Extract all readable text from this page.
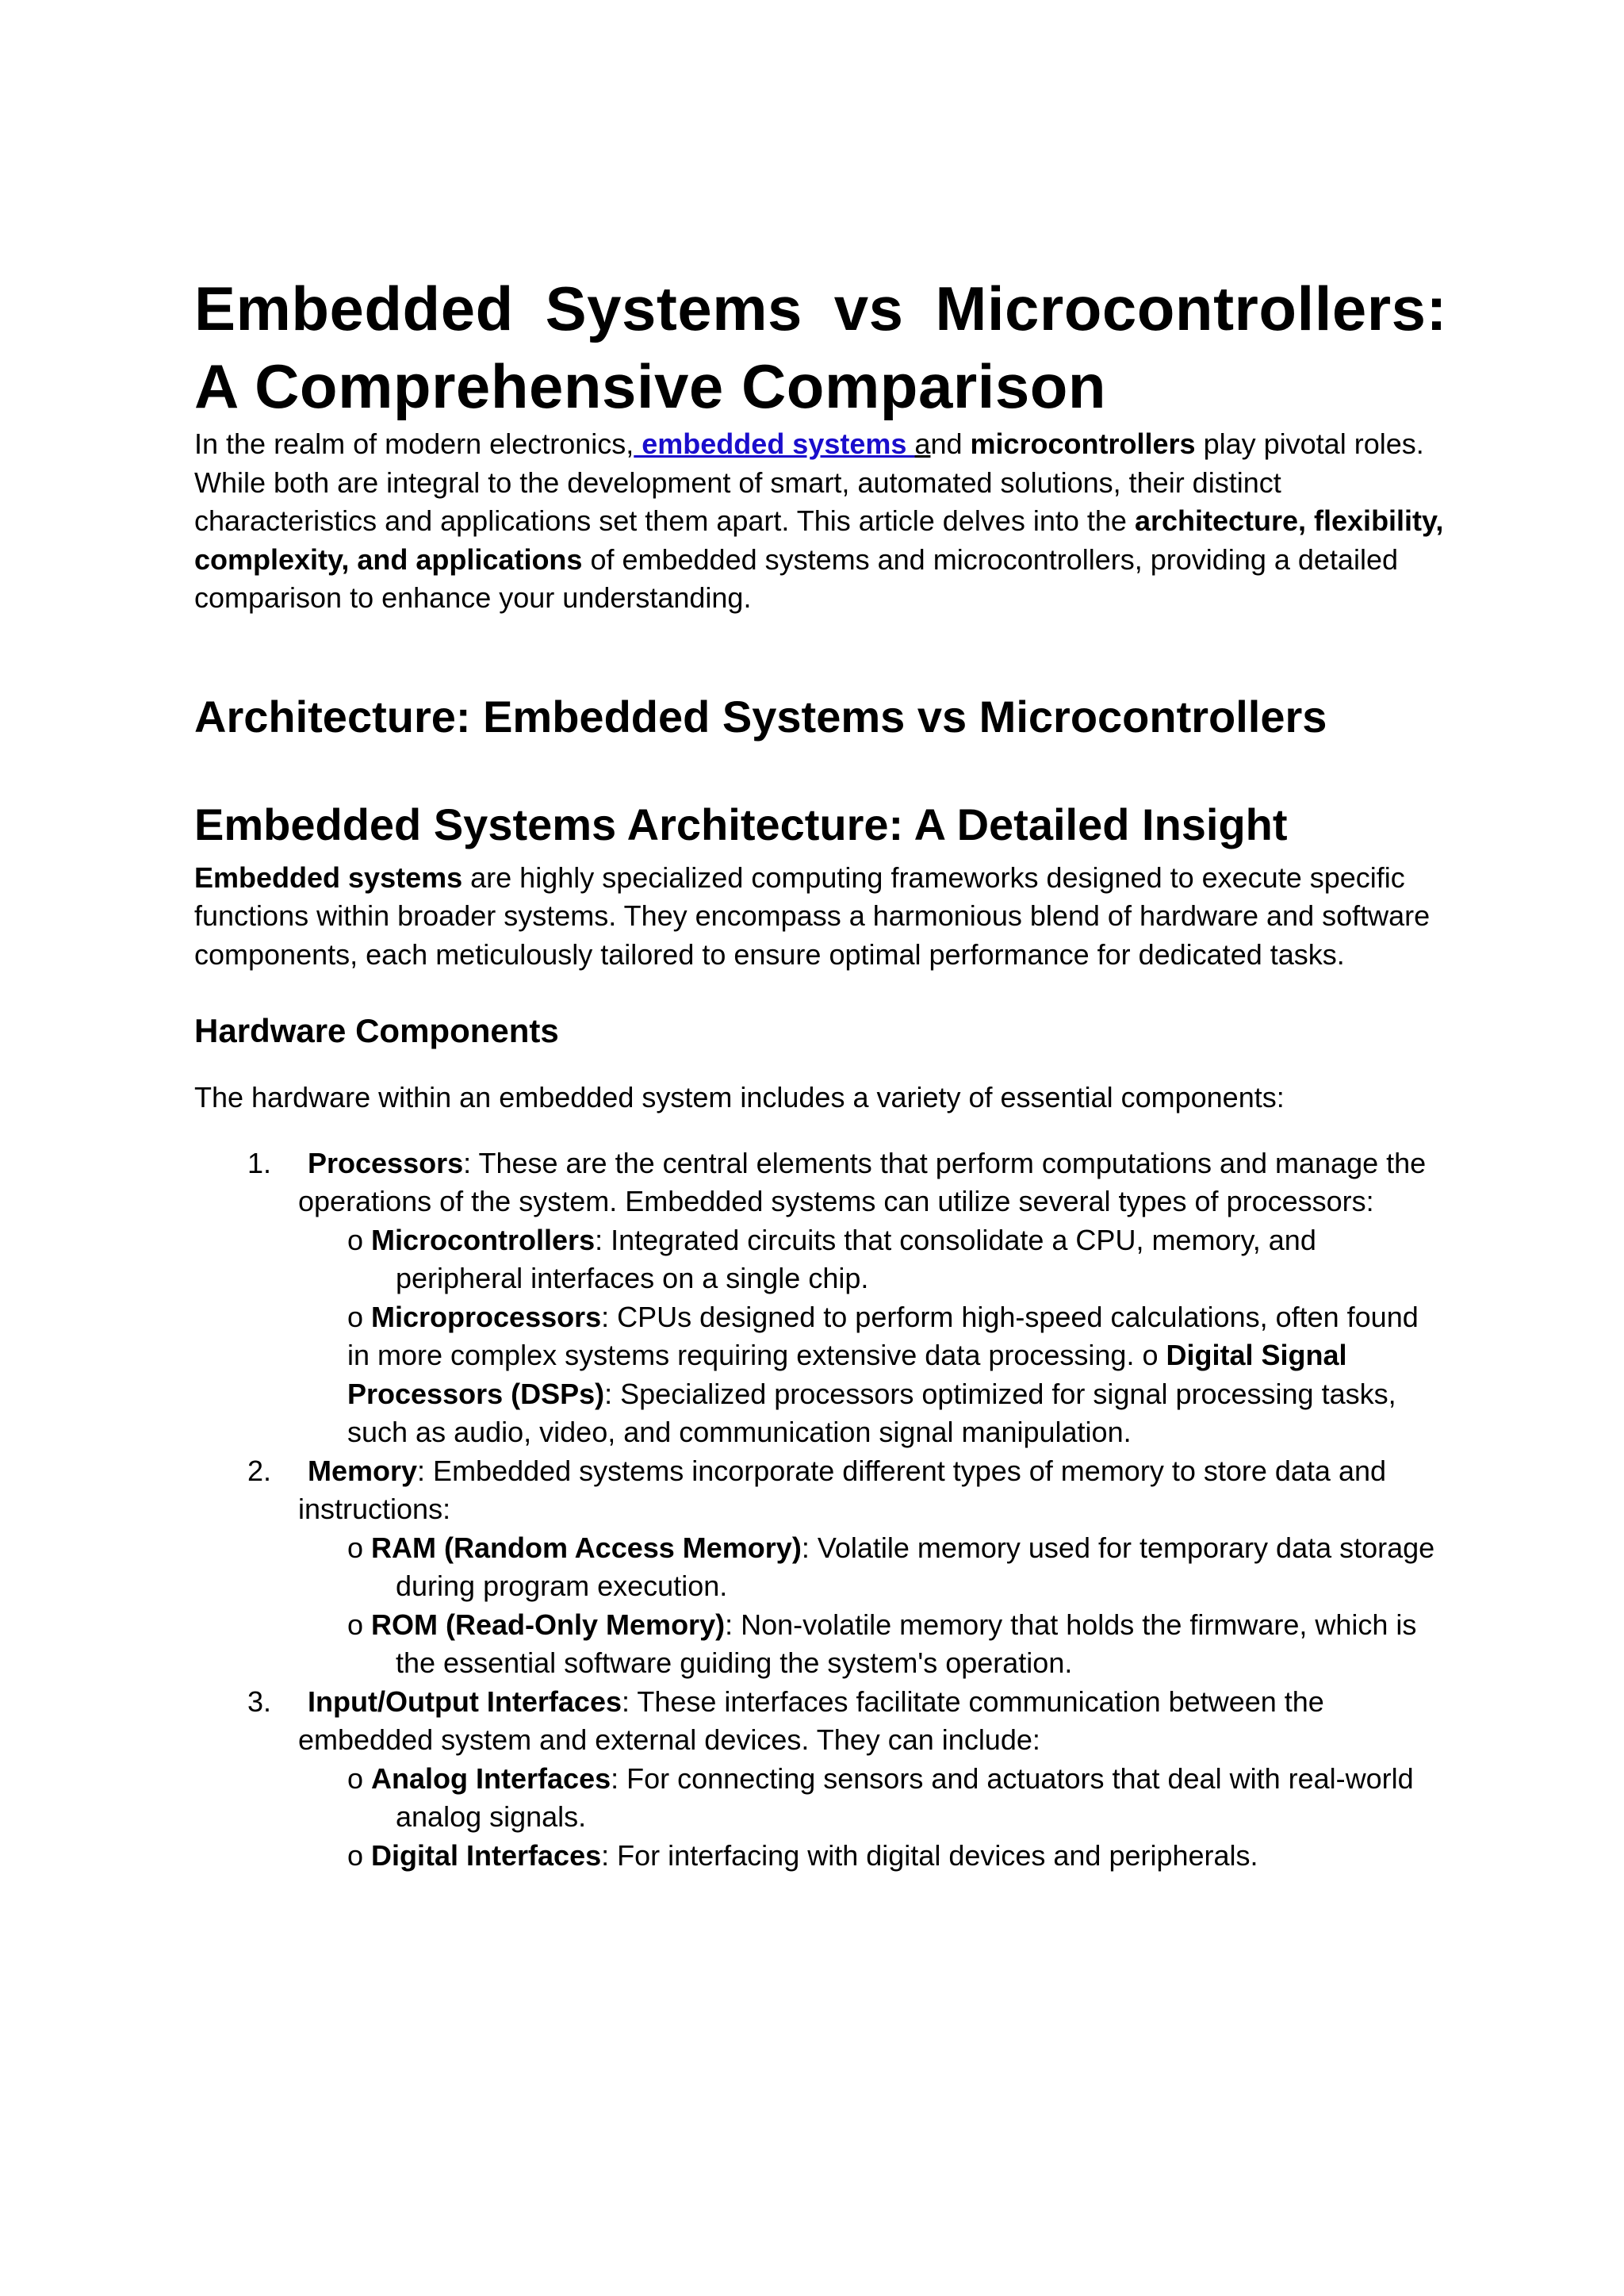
Embedded Systems vs Microcontrollers:
A Comprehensive Comparison

In the realm of modern electronics, embedded systems and microcontrollers play pivotal roles. While both are integral to the development of smart, automated solutions, their distinct characteristics and applications set them apart. This article delves into the architecture, flexibility, complexity, and applications of embedded systems and microcontrollers, providing a detailed comparison to enhance your understanding.

Architecture: Embedded Systems vs Microcontrollers
Embedded Systems Architecture: A Detailed Insight

Embedded systems are highly specialized computing frameworks designed to execute specific functions within broader systems. They encompass a harmonious blend of hardware and software components, each meticulously tailored to ensure optimal performance for dedicated tasks.

Hardware Components

The hardware within an embedded system includes a variety of essential components:

1. Processors: These are the central elements that perform computations and manage the operations of the system. Embedded systems can utilize several types of processors:
o Microcontrollers: Integrated circuits that consolidate a CPU, memory, and peripheral interfaces on a single chip.
o Microprocessors: CPUs designed to perform high-speed calculations, often found in more complex systems requiring extensive data processing. o Digital Signal Processors (DSPs): Specialized processors optimized for signal processing tasks, such as audio, video, and communication signal manipulation.
2. Memory: Embedded systems incorporate different types of memory to store data and instructions:
o RAM (Random Access Memory): Volatile memory used for temporary data storage during program execution.
o ROM (Read-Only Memory): Non-volatile memory that holds the firmware, which is the essential software guiding the system's operation.
3. Input/Output Interfaces: These interfaces facilitate communication between the embedded system and external devices. They can include:
o Analog Interfaces: For connecting sensors and actuators that deal with real-world analog signals.
o Digital Interfaces: For interfacing with digital devices and peripherals.
